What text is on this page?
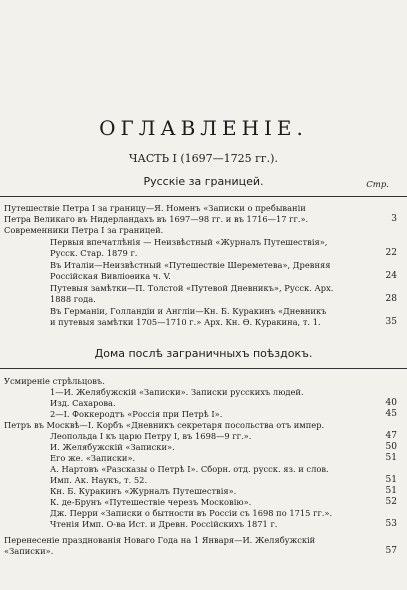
ОГЛАВЛЕНIЕ.
ЧАСТЬ I (1697—1725 гг.).
Стр.
Русскiе за границей.
Дома послѣ заграничныхъ поѣздокъ.
Путешествiе Петра I за границу—Я. Номенъ «Записки о пребыванiи
Петра Великаго въ Нидерландахъ въ 1697—98 гг. и въ 1716—17 гг.».	3
Современники Петра I за границей.
Первыя впечатлѣнiя — Неизвѣстный «Журналъ Путешествiя»,
Русск. Стар. 1879 г.	22
Въ Италiи—Неизвѣстный «Путешествiе Шереметева», Древняя
Россiйская Вивлiоѳика ч. V.	24
Путевыя замѣтки—П. Толстой «Путевой Дневникъ», Русск. Арх.
1888 года.	28
Въ Германiи, Голландiи и Англiи—Кн. Б. Куракинъ «Дневникъ
и путевыя замѣтки 1705—1710 г.» Арх. Кн. Ѳ. Куракина, т. 1.	35
Усмиренiе стрѣльцовъ.
1—И. Желябужскiй «Записки». Записки русскихъ людей.
Изд. Сахарова.	40
2—I. Фоккеродтъ «Россiя при Петрѣ I».	45
Петръ въ Москвѣ—I. Корбъ «Дневникъ секретаря посольства отъ импер.
Леопольда I къ царю Петру I, въ 1698—9 гг.».	47
И. Желябужскiй «Записки».	50
Его же. «Записки».	51
А. Нартовъ «Разсказы о Петрѣ I». Сборн. отд. русск. яз. и слов.
Имп. Ак. Наукъ, т. 52.	51
Кн. Б. Куракинъ «Журналъ Путешествiя».	51
К. де-Брунъ «Путешествiе черезъ Московiю».	52
Дж. Перри «Записки о бытности въ Россiи съ 1698 по 1715 гг.».
Чтенiя Имп. О-ва Ист. и Древн. Россiйскихъ 1871 г.	53
Перенесенiе празднованiя Новаго Года на 1 Января—И. Желябужскiй
«Записки».	57
